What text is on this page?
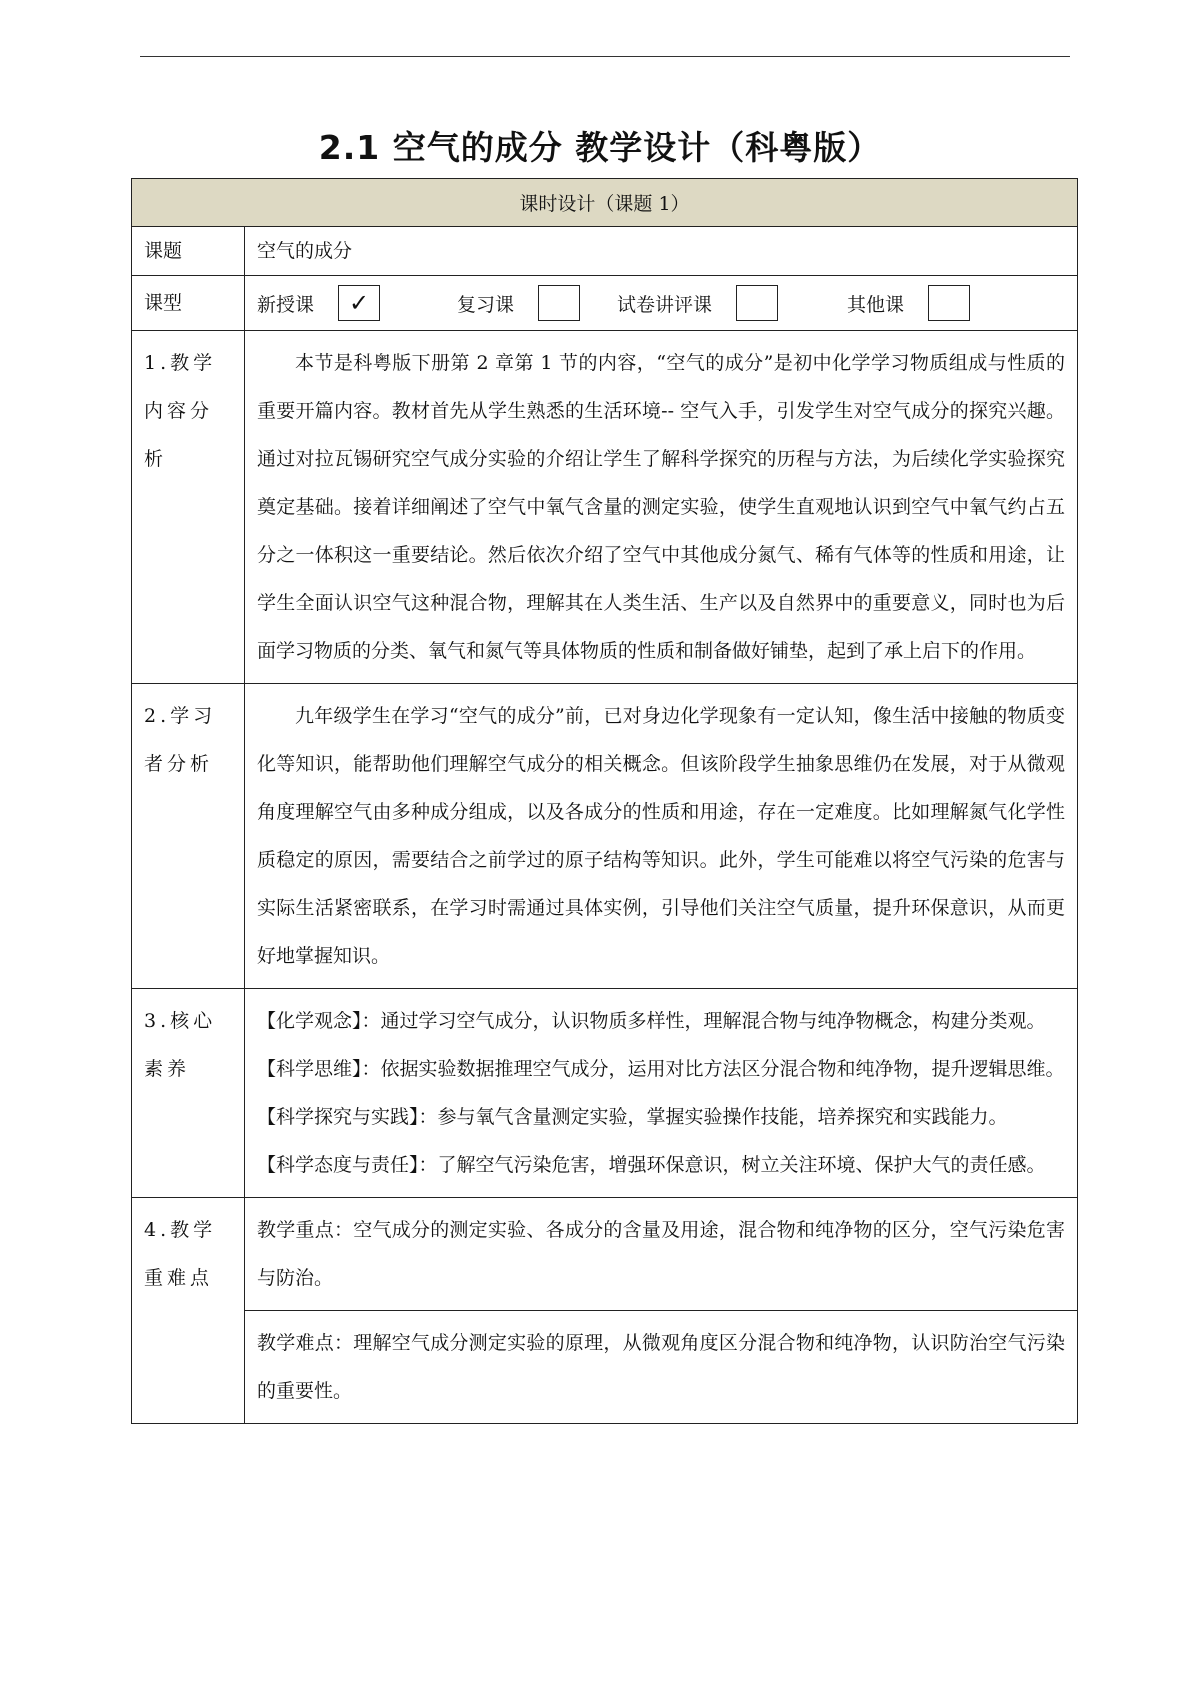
2.1 空气的成分 教学设计（科粤版）
课时设计（课题 1）	
课题	空气的成分
课型	新授课 ✓ 复习课 试卷讲评课 其他课

1.教学内容分析	本节是科粤版下册第 2 章第 1 节的内容，“空气的成分”是初中化学学习物质组成与性质的重要开篇内容。教材首先从学生熟悉的生活环境-- 空气入手，引发学生对空气成分的探究兴趣。通过对拉瓦锡研究空气成分实验的介绍让学生了解科学探究的历程与方法，为后续化学实验探究奠定基础。接着详细阐述了空气中氧气含量的测定实验，使学生直观地认识到空气中氧气约占五分之一体积这一重要结论。然后依次介绍了空气中其他成分氮气、稀有气体等的性质和用途，让学生全面认识空气这种混合物，理解其在人类生活、生产以及自然界中的重要意义，同时也为后面学习物质的分类、氧气和氮气等具体物质的性质和制备做好铺垫，起到了承上启下的作用。

2.学习者分析	九年级学生在学习“空气的成分”前，已对身边化学现象有一定认知，像生活中接触的物质变化等知识，能帮助他们理解空气成分的相关概念。但该阶段学生抽象思维仍在发展，对于从微观角度理解空气由多种成分组成，以及各成分的性质和用途，存在一定难度。比如理解氮气化学性质稳定的原因，需要结合之前学过的原子结构等知识。此外，学生可能难以将空气污染的危害与实际生活紧密联系，在学习时需通过具体实例，引导他们关注空气质量，提升环保意识，从而更好地掌握知识。

3.核心素养	【化学观念】：通过学习空气成分，认识物质多样性，理解混合物与纯净物概念，构建分类观。

【科学思维】：依据实验数据推理空气成分，运用对比方法区分混合物和纯净物，提升逻辑思维。

【科学探究与实践】：参与氧气含量测定实验，掌握实验操作技能，培养探究和实践能力。

【科学态度与责任】：了解空气污染危害，增强环保意识，树立关注环境、保护大气的责任感。

4.教学重难点	教学重点：空气成分的测定实验、各成分的含量及用途，混合物和纯净物的区分，空气污染危害与防治。

	教学难点：理解空气成分测定实验的原理，从微观角度区分混合物和纯净物，认识防治空气污染的重要性。
